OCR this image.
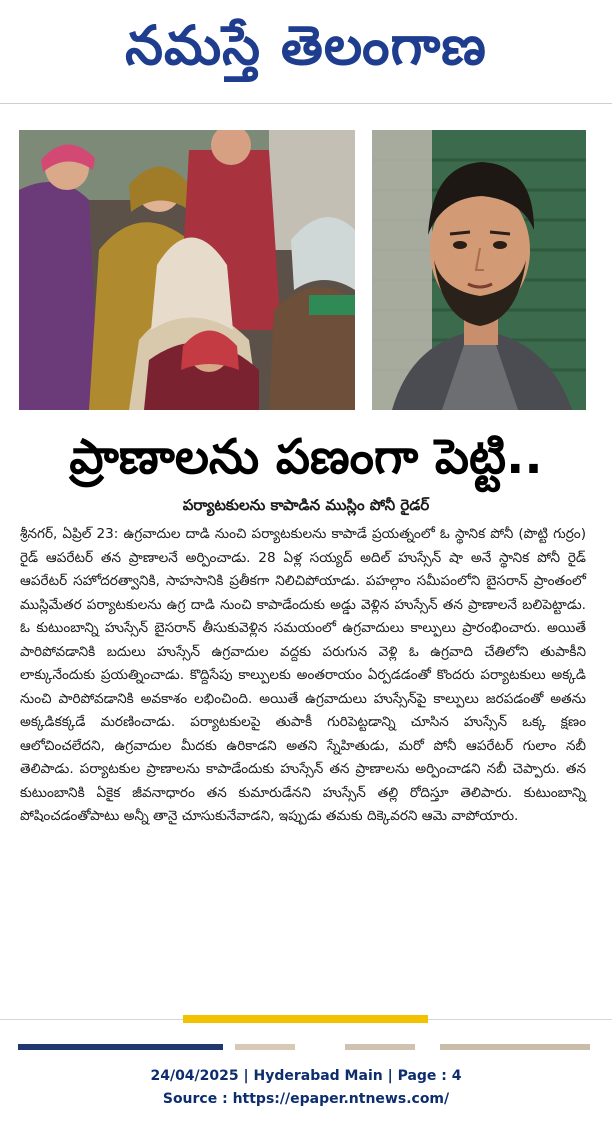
నమస్తే తెలంగాణ
ప్రాణాలను పణంగా పెట్టి..
పర్యాటకులను కాపాడిన ముస్లిం పోనీ రైడర్

శ్రీనగర్, ఏప్రిల్ 23: ఉగ్రవాదుల దాడి నుంచి పర్యాటకులను కాపాడే ప్రయత్నంలో ఓ స్థానిక పోనీ (పొట్టి గుర్రం) రైడ్ ఆపరేటర్ తన ప్రాణాలనే అర్పించాడు. 28 ఏళ్ల సయ్యద్ అదిల్ హుస్సేన్ షా అనే స్థానిక పోనీ రైడ్ ఆపరేటర్ సహోదరత్వానికి, సాహసానికి ప్రతీకగా నిలిచిపోయాడు. పహల్గాం సమీపంలోని బైసరాన్ ప్రాంతంలో ముస్లిమేతర పర్యాటకులను ఉగ్ర దాడి నుంచి కాపాడేందుకు అడ్డు వెళ్లిన హుస్సేన్ తన ప్రాణాలనే బలిపెట్టాడు. ఓ కుటుంబాన్ని హుస్సేన్ బైసరాన్ తీసుకువెళ్లిన సమయంలో ఉగ్రవాదులు కాల్పులు ప్రారంభించారు. అయితే పారిపోవడానికి బదులు హుస్సేన్ ఉగ్రవాదుల వద్దకు పరుగున వెళ్లి ఓ ఉగ్రవాది చేతిలోని తుపాకీని లాక్కునేందుకు ప్రయత్నించాడు. కొద్దిసేపు కాల్పులకు అంతరాయం ఏర్పడడంతో కొందరు పర్యాటకులు అక్కడి నుంచి పారిపోవడానికి అవకాశం లభించింది. అయితే ఉగ్రవాదులు హుస్సేన్‌పై కాల్పులు జరపడంతో అతను అక్కడికక్కడే మరణించాడు. పర్యాటకులపై తుపాకీ గురిపెట్టడాన్ని చూసిన హుస్సేన్ ఒక్క క్షణం ఆలోచించలేదని, ఉగ్రవాదుల మీదకు ఉరికాడని అతని స్నేహితుడు, మరో పోనీ ఆపరేటర్ గులాం నబీ తెలిపాడు. పర్యాటకుల ప్రాణాలను కాపాడేందుకు హుస్సేన్ తన ప్రాణాలను అర్పించాడని నబీ చెప్పారు. తన కుటుంబానికి ఏకైక జీవనాధారం తన కుమారుడేనని హుస్సేన్ తల్లి రోదిస్తూ తెలిపారు. కుటుంబాన్ని పోషించడంతోపాటు అన్నీ తానై చూసుకునేవాడని, ఇప్పుడు తమకు దిక్కెవరని ఆమె వాపోయారు.

24/04/2025 | Hyderabad Main | Page : 4
Source : https://epaper.ntnews.com/
